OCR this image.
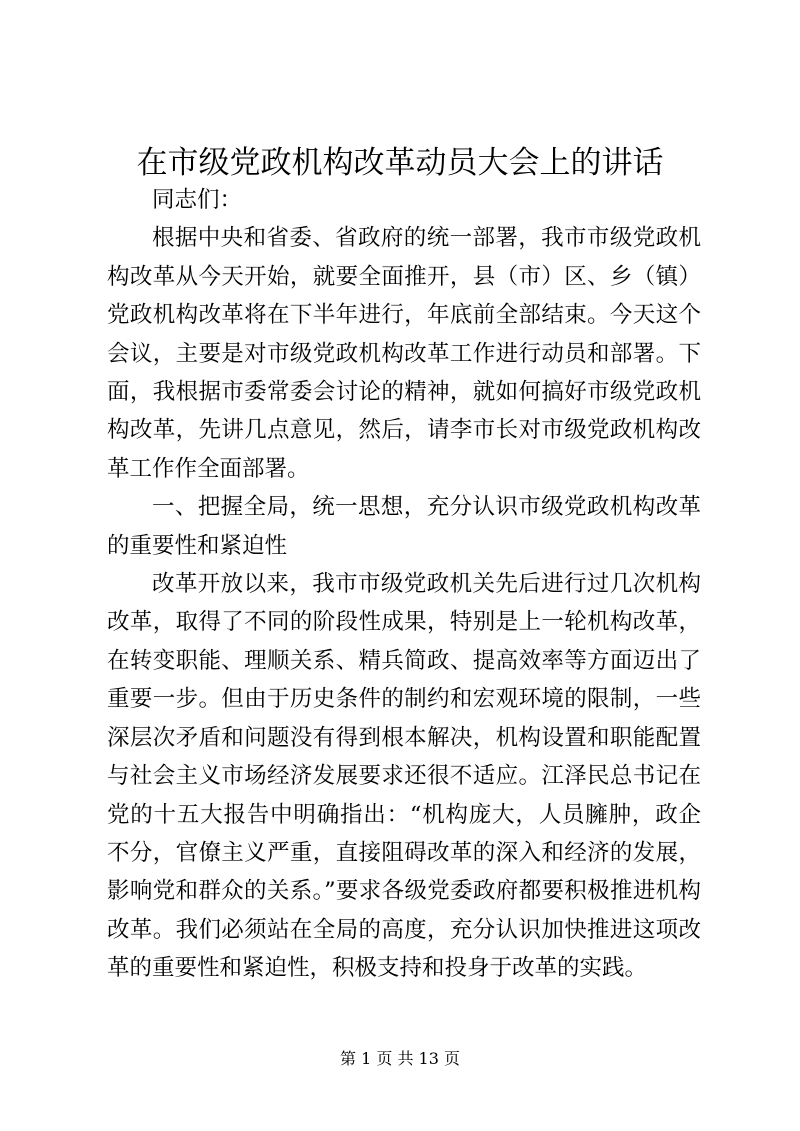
在市级党政机构改革动员大会上的讲话

同志们：

根据中央和省委、省政府的统一部署，我市市级党政机构改革从今天开始，就要全面推开，县（市）区、乡（镇）党政机构改革将在下半年进行，年底前全部结束。今天这个会议，主要是对市级党政机构改革工作进行动员和部署。下面，我根据市委常委会讨论的精神，就如何搞好市级党政机构改革，先讲几点意见，然后，请李市长对市级党政机构改革工作作全面部署。

一、把握全局，统一思想，充分认识市级党政机构改革的重要性和紧迫性

改革开放以来，我市市级党政机关先后进行过几次机构改革，取得了不同的阶段性成果，特别是上一轮机构改革，在转变职能、理顺关系、精兵简政、提高效率等方面迈出了重要一步。但由于历史条件的制约和宏观环境的限制，一些深层次矛盾和问题没有得到根本解决，机构设置和职能配置与社会主义市场经济发展要求还很不适应。江泽民总书记在党的十五大报告中明确指出：“机构庞大，人员臃肿，政企不分，官僚主义严重，直接阻碍改革的深入和经济的发展，影响党和群众的关系。”要求各级党委政府都要积极推进机构改革。我们必须站在全局的高度，充分认识加快推进这项改革的重要性和紧迫性，积极支持和投身于改革的实践。

第 1 页 共 13 页
